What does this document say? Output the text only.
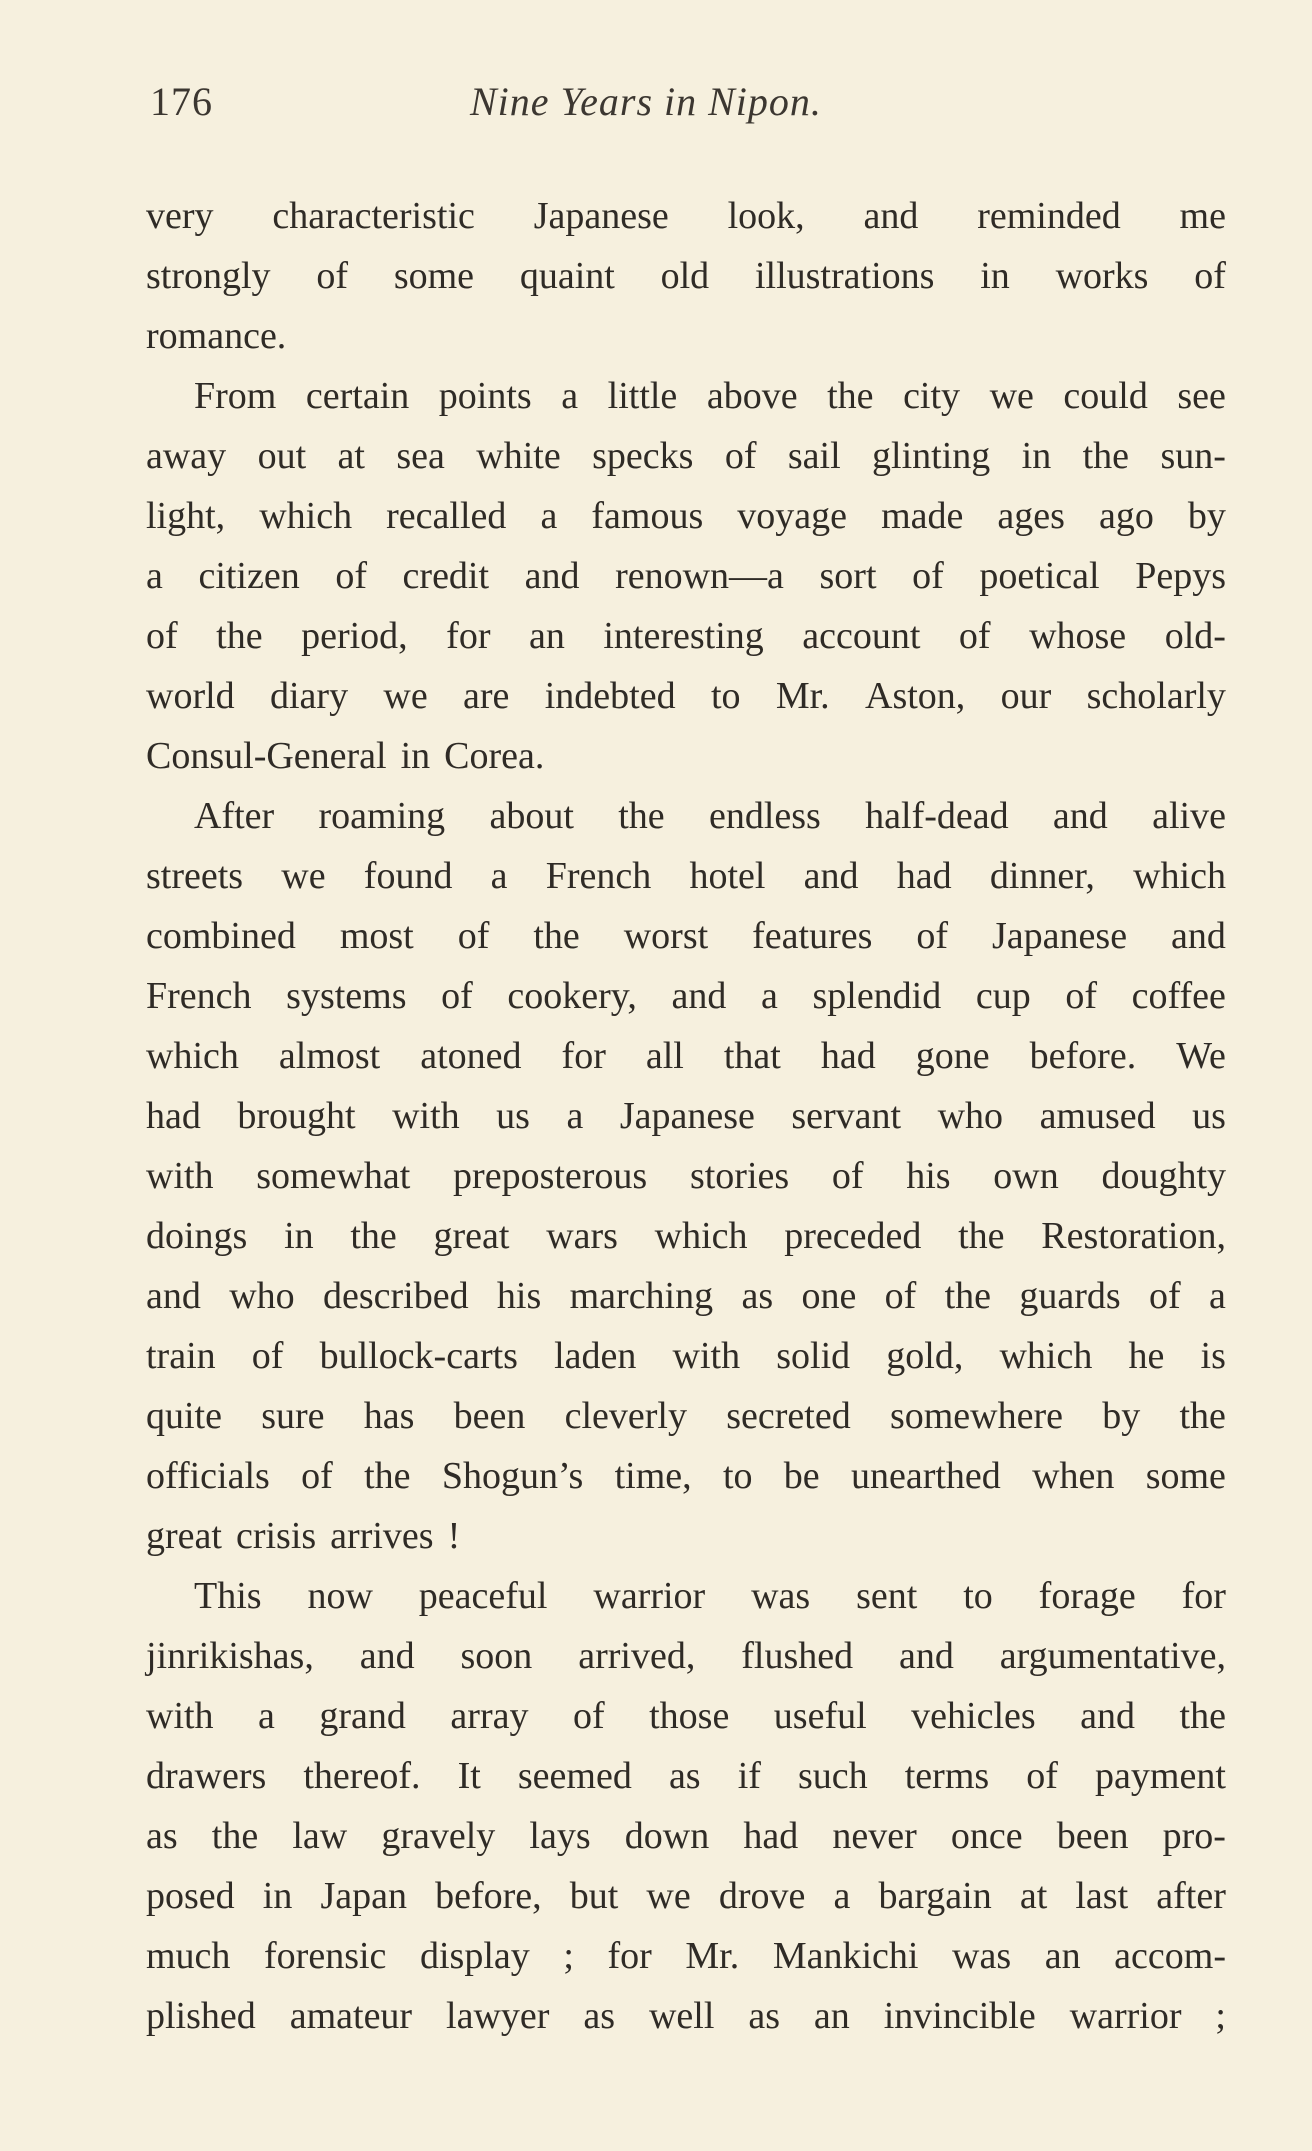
176	Nine Years in Nipon.
very characteristic Japanese look, and reminded me
strongly of some quaint old illustrations in works of
romance.
From certain points a little above the city we could see
away out at sea white specks of sail glinting in the sun-
light, which recalled a famous voyage made ages ago by
a citizen of credit and renown—a sort of poetical Pepys
of the period, for an interesting account of whose old-
world diary we are indebted to Mr. Aston, our scholarly
Consul-General in Corea.
After roaming about the endless half-dead and alive
streets we found a French hotel and had dinner, which
combined most of the worst features of Japanese and
French systems of cookery, and a splendid cup of coffee
which almost atoned for all that had gone before. We
had brought with us a Japanese servant who amused us
with somewhat preposterous stories of his own doughty
doings in the great wars which preceded the Restoration,
and who described his marching as one of the guards of a
train of bullock-carts laden with solid gold, which he is
quite sure has been cleverly secreted somewhere by the
officials of the Shogun’s time, to be unearthed when some
great crisis arrives !
This now peaceful warrior was sent to forage for
jinrikishas, and soon arrived, flushed and argumentative,
with a grand array of those useful vehicles and the
drawers thereof. It seemed as if such terms of payment
as the law gravely lays down had never once been pro-
posed in Japan before, but we drove a bargain at last after
much forensic display ; for Mr. Mankichi was an accom-
plished amateur lawyer as well as an invincible warrior ;
